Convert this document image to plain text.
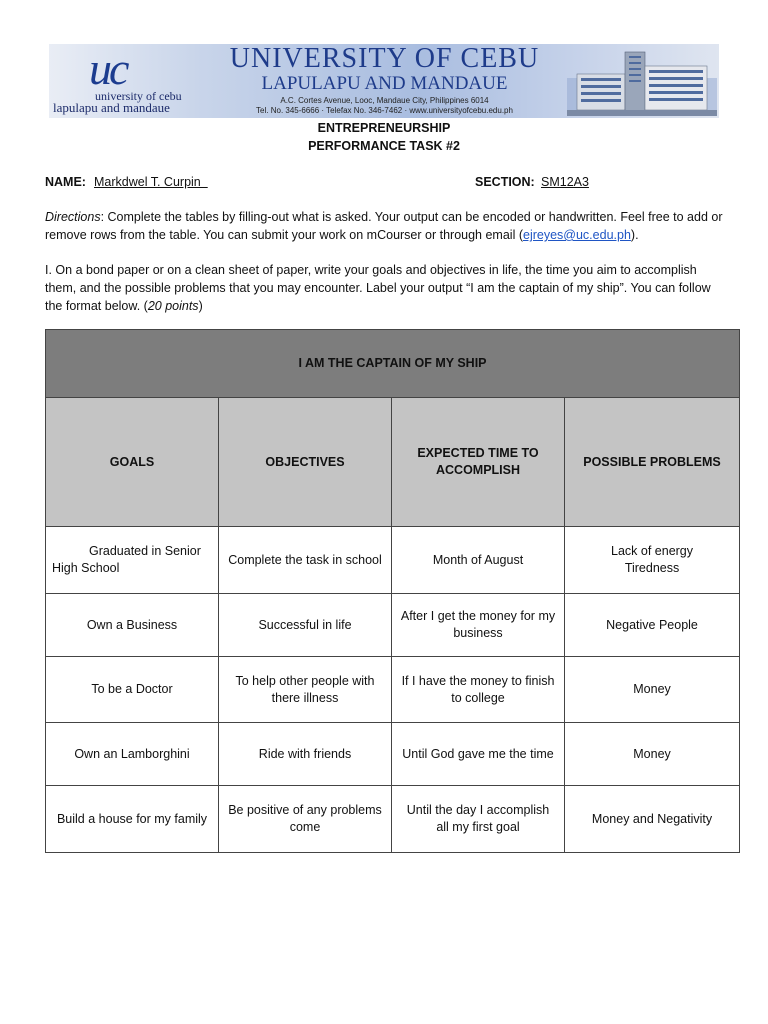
uc
university of cebu
lapulapu and mandaue
UNIVERSITY OF CEBU
LAPULAPU AND MANDAUE
A.C. Cortes Avenue, Looc, Mandaue City, Philippines 6014
Tel. No. 345-6666 · Telefax No. 346-7462 · www.universityofcebu.edu.ph
ENTREPRENEURSHIP
PERFORMANCE TASK #2
NAME: Markdwel T. Curpin	SECTION: SM12A3
Directions: Complete the tables by filling-out what is asked. Your output can be encoded or handwritten. Feel free to add or remove rows from the table. You can submit your work on mCourser or through email (ejreyes@uc.edu.ph).
I. On a bond paper or on a clean sheet of paper, write your goals and objectives in life, the time you aim to accomplish them, and the possible problems that you may encounter. Label your output “I am the captain of my ship”. You can follow the format below. (20 points)
I AM THE CAPTAIN OF MY SHIP			
GOALS	OBJECTIVES	EXPECTED TIME TO ACCOMPLISH	POSSIBLE PROBLEMS
Graduated in Senior High School	Complete the task in school	Month of August	Lack of energy
Tiredness
Own a Business	Successful in life	After I get the money for my business	Negative People
To be a Doctor	To help other people with there illness	If I have the money to finish to college	Money
Own an Lamborghini	Ride with friends	Until God gave me the time	Money
Build a house for my family	Be positive of any problems come	Until the day I accomplish all my first goal	Money and Negativity
